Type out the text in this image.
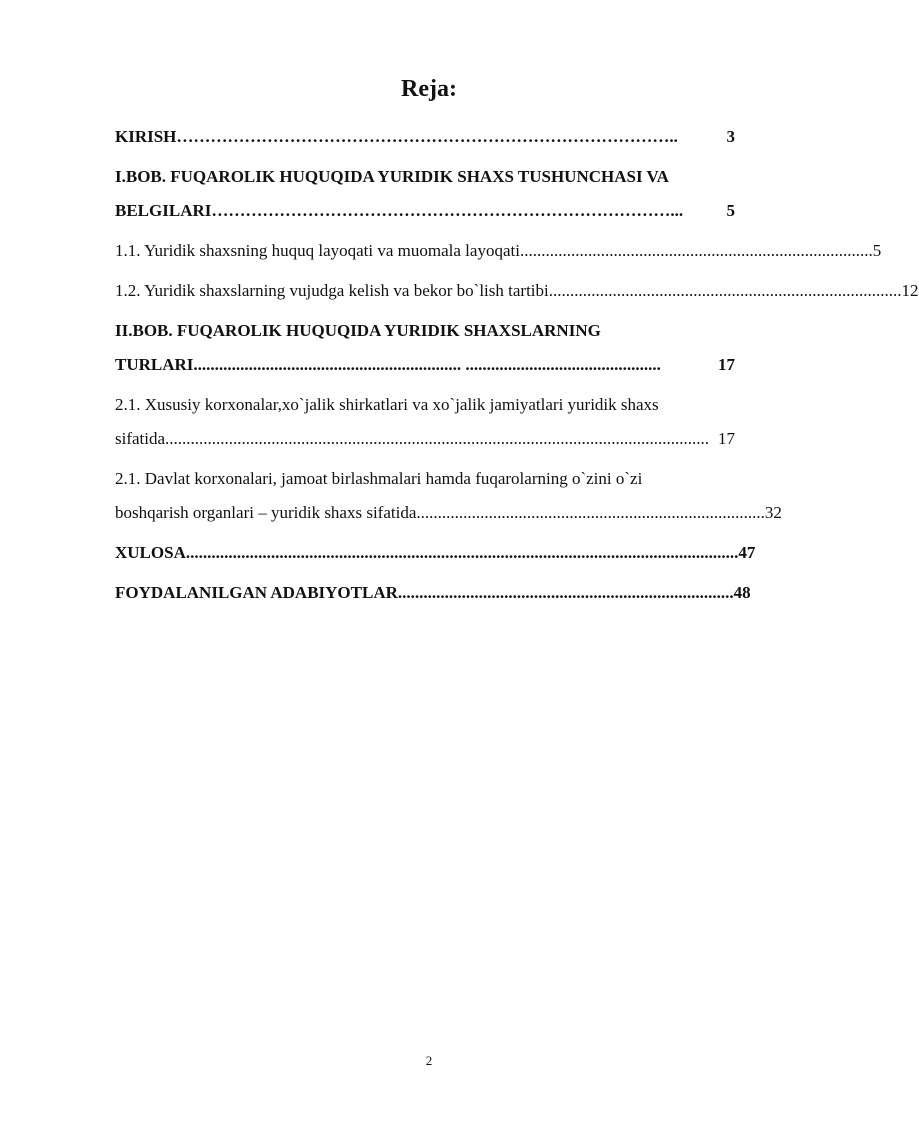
Reja:
KIRISH ……………………………………………………………………………..	3
I.BOB. FUQAROLIK HUQUQIDA YURIDIK SHAXS TUSHUNCHASI VA
BELGILARI ………………………………………………………………………...	5
1.1. Yuridik shaxsning huquq layoqati va muomala layoqati ................................................................................... 5
1.2. Yuridik shaxslarning vujudga kelish va bekor bo`lish tartibi ................................................................................... 12
II.BOB. FUQAROLIK HUQUQIDA YURIDIK SHAXSLARNING
TURLARI ............................................................... ..............................................	17
2.1. Xususiy korxonalar,xo`jalik shirkatlari va xo`jalik jamiyatlari yuridik shaxs
sifatida ................................................................................................................................ 17
2.1. Davlat korxonalari, jamoat birlashmalari hamda fuqarolarning o`zini o`zi
boshqarish organlari – yuridik shaxs sifatida .................................................................................. 32
XULOSA .................................................................................................................................. 47
FOYDALANILGAN ADABIYOTLAR ............................................................................... 48
2
